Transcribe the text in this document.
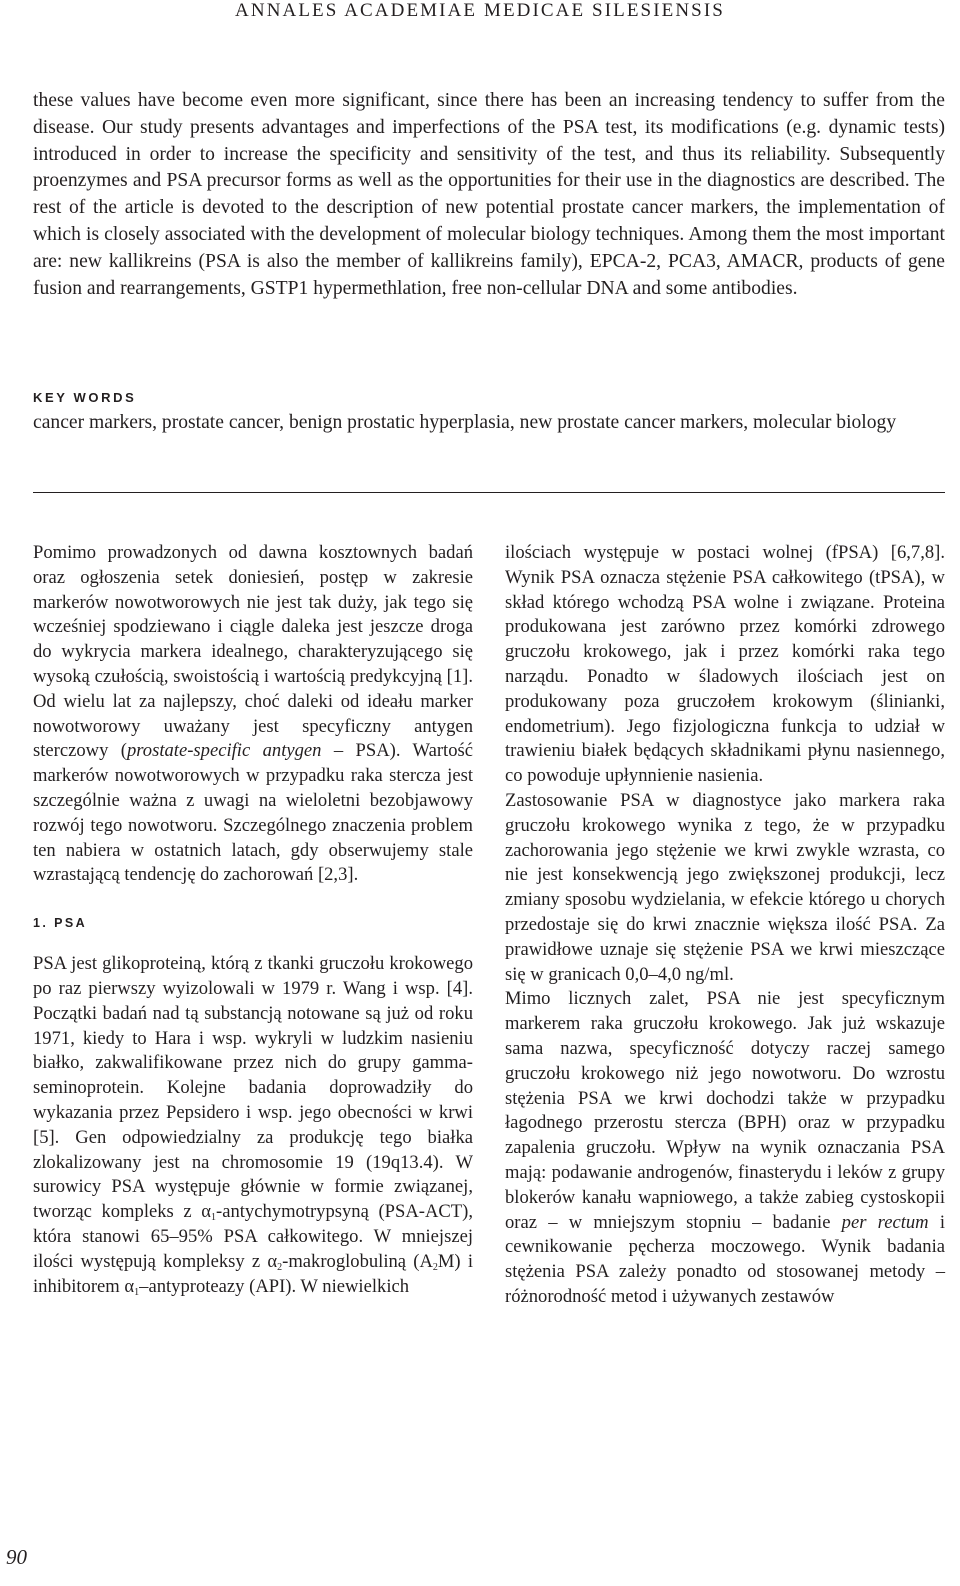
ANNALES ACADEMIAE MEDICAE SILESIENSIS

these values have become even more significant, since there has been an increasing tendency to suffer from the disease. Our study presents advantages and imperfections of the PSA test, its modifications (e.g. dynamic tests) introduced in order to increase the specificity and sensitivity of the test, and thus its reliability. Subsequently proenzymes and PSA precursor forms as well as the opportunities for their use in the diagnostics are described. The rest of the article is devoted to the description of new potential prostate cancer markers, the implementation of which is closely associated with the development of molecular biology techniques. Among them the most important are: new kallikreins (PSA is also the member of kallikreins family), EPCA-2, PCA3, AMACR, products of gene fusion and rearrangements, GSTP1 hypermethlation, free non-cellular DNA and some antibodies.

KEY WORDS

cancer markers, prostate cancer, benign prostatic hyperplasia, new prostate cancer markers, molecular biology

Pomimo prowadzonych od dawna kosztownych badań oraz ogłoszenia setek doniesień, postęp w zakresie markerów nowotworowych nie jest tak duży, jak tego się wcześniej spodziewano i ciągle daleka jest jeszcze droga do wykrycia markera idealnego, charakteryzującego się wysoką czułością, swoistością i wartością predykcyjną [1]. Od wielu lat za najlepszy, choć daleki od ideału marker nowotworowy uważany jest specyficzny antygen sterczowy (prostate-specific antygen – PSA). Wartość markerów nowotworowych w przypadku raka stercza jest szczególnie ważna z uwagi na wieloletni bezobjawowy rozwój tego nowotworu. Szczególnego znaczenia problem ten nabiera w ostatnich latach, gdy obserwujemy stale wzrastającą tendencję do zachorowań [2,3].

1. PSA

PSA jest glikoproteiną, którą z tkanki gruczołu krokowego po raz pierwszy wyizolowali w 1979 r. Wang i wsp. [4]. Początki badań nad tą substancją notowane są już od roku 1971, kiedy to Hara i wsp. wykryli w ludzkim nasieniu białko, zakwalifikowane przez nich do grupy gamma-seminoprotein. Kolejne badania doprowadziły do wykazania przez Pepsidero i wsp. jego obecności w krwi [5]. Gen odpowiedzialny za produkcję tego białka zlokalizowany jest na chromosomie 19 (19q13.4). W surowicy PSA występuje głównie w formie związanej, tworząc kompleks z $\alpha_1$-antychymotrypsyną (PSA-ACT), która stanowi 65–95% PSA całkowitego. W mniejszej ilości występują kompleksy z $\alpha_2$-makroglobuliną $(A_2M)$ i inhibitorem $\alpha_1$–antyproteazy (API). W niewielkich

ilościach występuje w postaci wolnej (fPSA) [6,7,8]. Wynik PSA oznacza stężenie PSA całkowitego (tPSA), w skład którego wchodzą PSA wolne i związane. Proteina produkowana jest zarówno przez komórki zdrowego gruczołu krokowego, jak i przez komórki raka tego narządu. Ponadto w śladowych ilościach jest on produkowany poza gruczołem krokowym (ślinianki, endometrium). Jego fizjologiczna funkcja to udział w trawieniu białek będących składnikami płynu nasiennego, co powoduje upłynnienie nasienia.

Zastosowanie PSA w diagnostyce jako markera raka gruczołu krokowego wynika z tego, że w przypadku zachorowania jego stężenie we krwi zwykle wzrasta, co nie jest konsekwencją jego zwiększonej produkcji, lecz zmiany sposobu wydzielania, w efekcie którego u chorych przedostaje się do krwi znacznie większa ilość PSA. Za prawidłowe uznaje się stężenie PSA we krwi mieszczące się w granicach 0,0–4,0 ng/ml.

Mimo licznych zalet, PSA nie jest specyficznym markerem raka gruczołu krokowego. Jak już wskazuje sama nazwa, specyficzność dotyczy raczej samego gruczołu krokowego niż jego nowotworu. Do wzrostu stężenia PSA we krwi dochodzi także w przypadku łagodnego przerostu stercza (BPH) oraz w przypadku zapalenia gruczołu. Wpływ na wynik oznaczania PSA mają: podawanie androgenów, finasterydu i leków z grupy blokerów kanału wapniowego, a także zabieg cystoskopii oraz – w mniejszym stopniu – badanie per rectum i cewnikowanie pęcherza moczowego. Wynik badania stężenia PSA zależy ponadto od stosowanej metody – różnorodność metod i używanych zestawów

90
